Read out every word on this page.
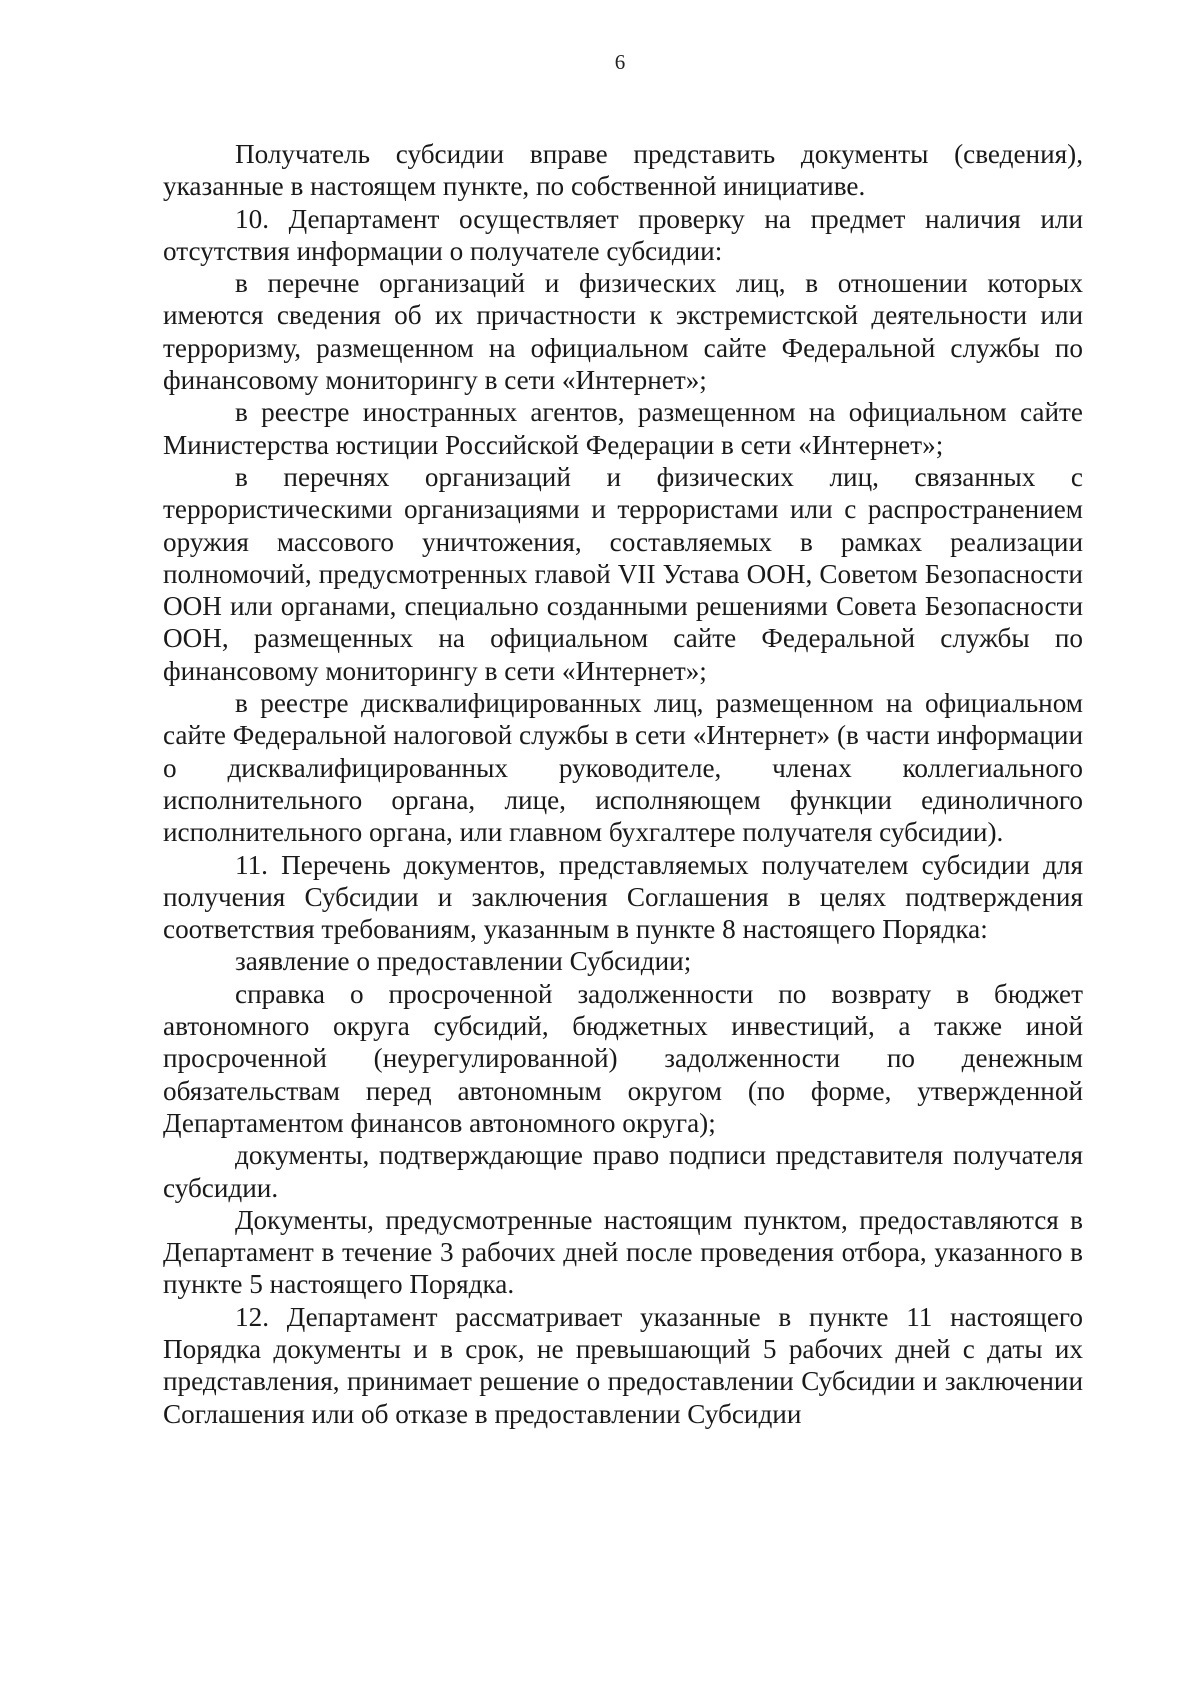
6

Получатель субсидии вправе представить документы (сведения), указанные в настоящем пункте, по собственной инициативе.

10. Департамент осуществляет проверку на предмет наличия или отсутствия информации о получателе субсидии:

в перечне организаций и физических лиц, в отношении которых имеются сведения об их причастности к экстремистской деятельности или терроризму, размещенном на официальном сайте Федеральной службы по финансовому мониторингу в сети «Интернет»;

в реестре иностранных агентов, размещенном на официальном сайте Министерства юстиции Российской Федерации в сети «Интернет»;

в перечнях организаций и физических лиц, связанных с террористическими организациями и террористами или с распространением оружия массового уничтожения, составляемых в рамках реализации полномочий, предусмотренных главой VII Устава ООН, Советом Безопасности ООН или органами, специально созданными решениями Совета Безопасности ООН, размещенных на официальном сайте Федеральной службы по финансовому мониторингу в сети «Интернет»;

в реестре дисквалифицированных лиц, размещенном на официальном сайте Федеральной налоговой службы в сети «Интернет» (в части информации о дисквалифицированных руководителе, членах коллегиального исполнительного органа, лице, исполняющем функции единоличного исполнительного органа, или главном бухгалтере получателя субсидии).

11. Перечень документов, представляемых получателем субсидии для получения Субсидии и заключения Соглашения в целях подтверждения соответствия требованиям, указанным в пункте 8 настоящего Порядка:

заявление о предоставлении Субсидии;

справка о просроченной задолженности по возврату в бюджет автономного округа субсидий, бюджетных инвестиций, а также иной просроченной (неурегулированной) задолженности по денежным обязательствам перед автономным округом (по форме, утвержденной Департаментом финансов автономного округа);

документы, подтверждающие право подписи представителя получателя субсидии.

Документы, предусмотренные настоящим пунктом, предоставляются в Департамент в течение 3 рабочих дней после проведения отбора, указанного в пункте 5 настоящего Порядка.

12. Департамент рассматривает указанные в пункте 11 настоящего Порядка документы и в срок, не превышающий 5 рабочих дней с даты их представления, принимает решение о предоставлении Субсидии и заключении Соглашения или об отказе в предоставлении Субсидии
